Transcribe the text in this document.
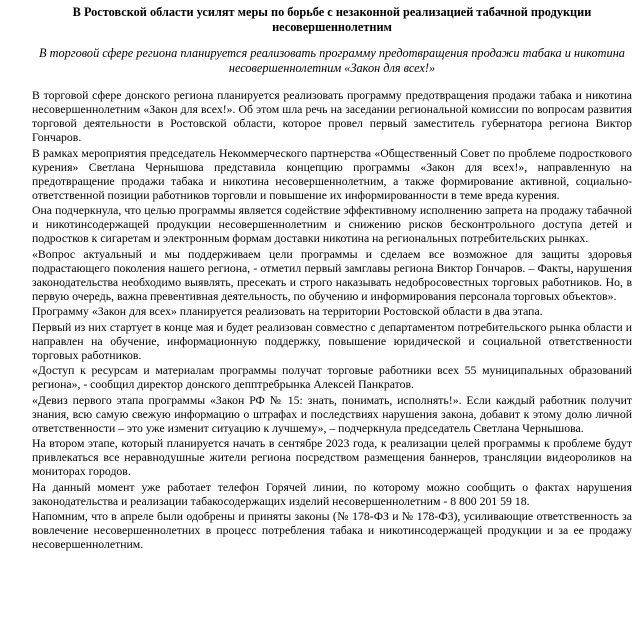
В Ростовской области усилят меры по борьбе с незаконной реализацией табачной продукции несовершеннолетним
В торговой сфере региона планируется реализовать программу предотвращения продажи табака и никотина несовершеннолетним «Закон для всех!»

В торговой сфере донского региона планируется реализовать программу предотвращения продажи табака и никотина несовершеннолетним «Закон для всех!». Об этом шла речь на заседании региональной комиссии по вопросам развития торговой деятельности в Ростовской области, которое провел первый заместитель губернатора региона Виктор Гончаров.

В рамках мероприятия председатель Некоммерческого партнерства «Общественный Совет по проблеме подросткового курения» Светлана Чернышова представила концепцию программы «Закон для всех!», направленную на предотвращение продажи табака и никотина несовершеннолетним, а также формирование активной, социально-ответственной позиции работников торговли и повышение их информированности в теме вреда курения.

Она подчеркнула, что целью программы является содействие эффективному исполнению запрета на продажу табачной и никотинсодержащей продукции несовершеннолетним и снижению рисков бесконтрольного доступа детей и подростков к сигаретам и электронным формам доставки никотина на региональных потребительских рынках.

«Вопрос актуальный и мы поддерживаем цели программы и сделаем все возможное для защиты здоровья подрастающего поколения нашего региона, - отметил первый замглавы региона Виктор Гончаров. – Факты, нарушения законодательства необходимо выявлять, пресекать и строго наказывать недобросовестных торговых работников. Но, в первую очередь, важна превентивная деятельность, по обучению и информирования персонала торговых объектов».

Программу «Закон для всех» планируется реализовать на территории Ростовской области в два этапа.

Первый из них стартует в конце мая и будет реализован совместно с департаментом потребительского рынка области и направлен на обучение, информационную поддержку, повышение юридической и социальной ответственности торговых работников.

«Доступ к ресурсам и материалам программы получат торговые работники всех 55 муниципальных образований региона», - сообщил директор донского депптребрынка Алексей Панкратов.

«Девиз первого этапа программы «Закон РФ № 15: знать, понимать, исполнять!». Если каждый работник получит знания, всю самую свежую информацию о штрафах и последствиях нарушения закона, добавит к этому долю личной ответственности – это уже изменит ситуацию к лучшему», – подчеркнула председатель Светлана Чернышова.

На втором этапе, который планируется начать в сентябре 2023 года, к реализации целей программы к проблеме будут привлекаться все неравнодушные жители региона посредством размещения баннеров, трансляции видеороликов на мониторах городов.

На данный момент уже работает телефон Горячей линии, по которому можно сообщить о фактах нарушения законодательства и реализации табакосодержащих изделий несовершеннолетним - 8 800 201 59 18.

Напомним, что в апреле были одобрены и приняты законы (№ 178-ФЗ и № 178-ФЗ), усиливающие ответственность за вовлечение несовершеннолетних в процесс потребления табака и никотинсодержащей продукции и за ее продажу несовершеннолетним.
